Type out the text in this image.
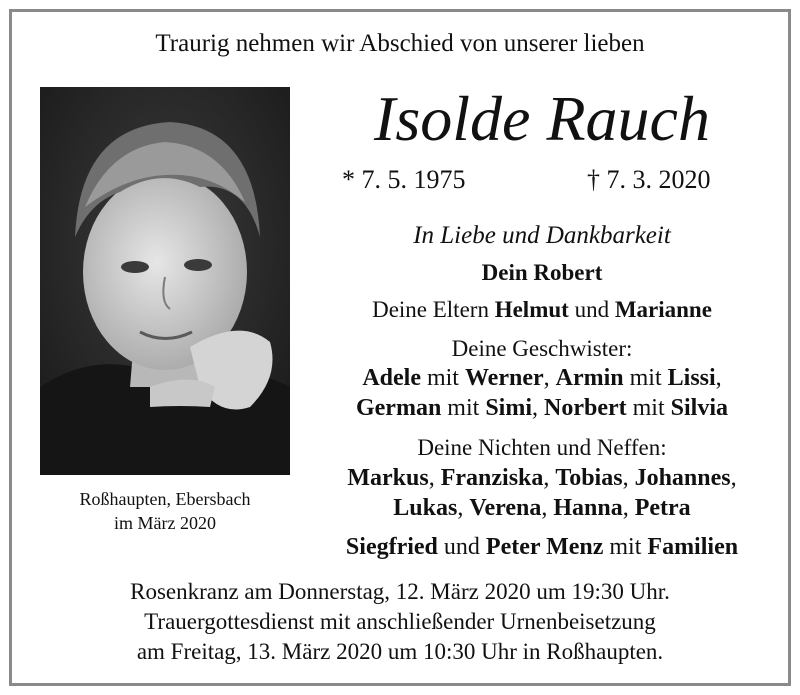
Traurig nehmen wir Abschied von unserer lieben
Roßhaupten, Ebersbach
im März 2020
Isolde Rauch
* 7. 5. 1975	† 7. 3. 2020
In Liebe und Dankbarkeit
Dein Robert
Deine Eltern Helmut und Marianne
Deine Geschwister:
Adele mit Werner, Armin mit Lissi,
German mit Simi, Norbert mit Silvia
Deine Nichten und Neffen:
Markus, Franziska, Tobias, Johannes,
Lukas, Verena, Hanna, Petra
Siegfried und Peter Menz mit Familien
Rosenkranz am Donnerstag, 12. März 2020 um 19:30 Uhr.
Trauergottesdienst mit anschließender Urnenbeisetzung
am Freitag, 13. März 2020 um 10:30 Uhr in Roßhaupten.
